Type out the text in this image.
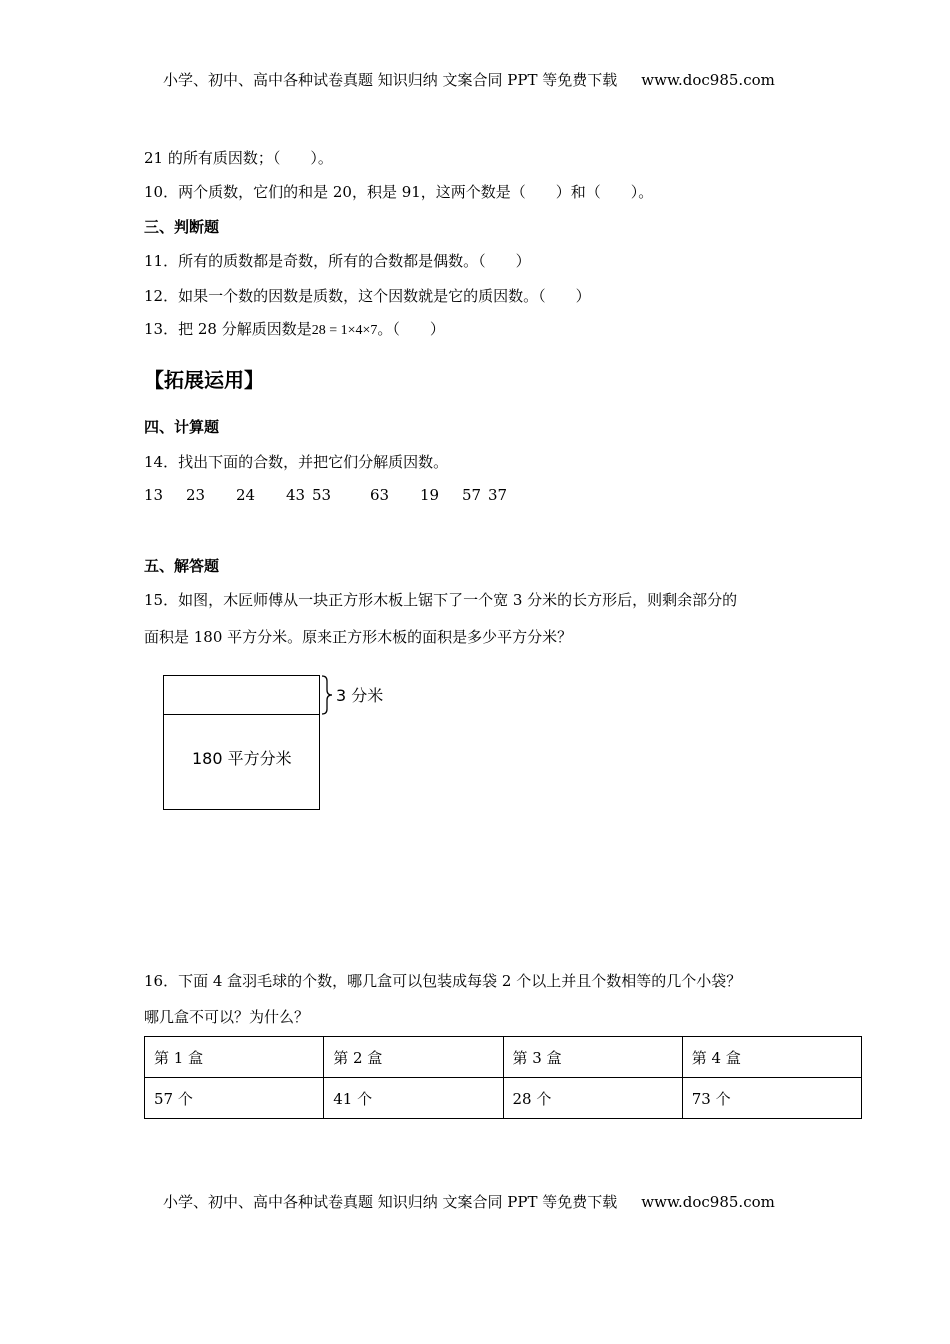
小学、初中、高中各种试卷真题 知识归纳 文案合同 PPT 等免费下载 www.doc985.com
21 的所有质因数；（　　）。
10．两个质数，它们的和是 20，积是 91，这两个数是（　　）和（　　）。
三、判断题
11．所有的质数都是奇数，所有的合数都是偶数。（　　）
12．如果一个数的因数是质数，这个因数就是它的质因数。（　　）
13．把 28 分解质因数是28 = 1×4×7。（　　）
【拓展运用】
四、计算题
14．找出下面的合数，并把它们分解质因数。
13 23 24 43 53	63 19 57 37
五、解答题
15．如图，木匠师傅从一块正方形木板上锯下了一个宽 3 分米的长方形后，则剩余部分的
面积是 180 平方分米。原来正方形木板的面积是多少平方分米？
3 分米
180 平方分米
16．下面 4 盒羽毛球的个数，哪几盒可以包装成每袋 2 个以上并且个数相等的几个小袋？
哪几盒不可以？为什么？
第 1 盒	第 2 盒	第 3 盒	第 4 盒
57 个	41 个	28 个	73 个
小学、初中、高中各种试卷真题 知识归纳 文案合同 PPT 等免费下载 www.doc985.com
